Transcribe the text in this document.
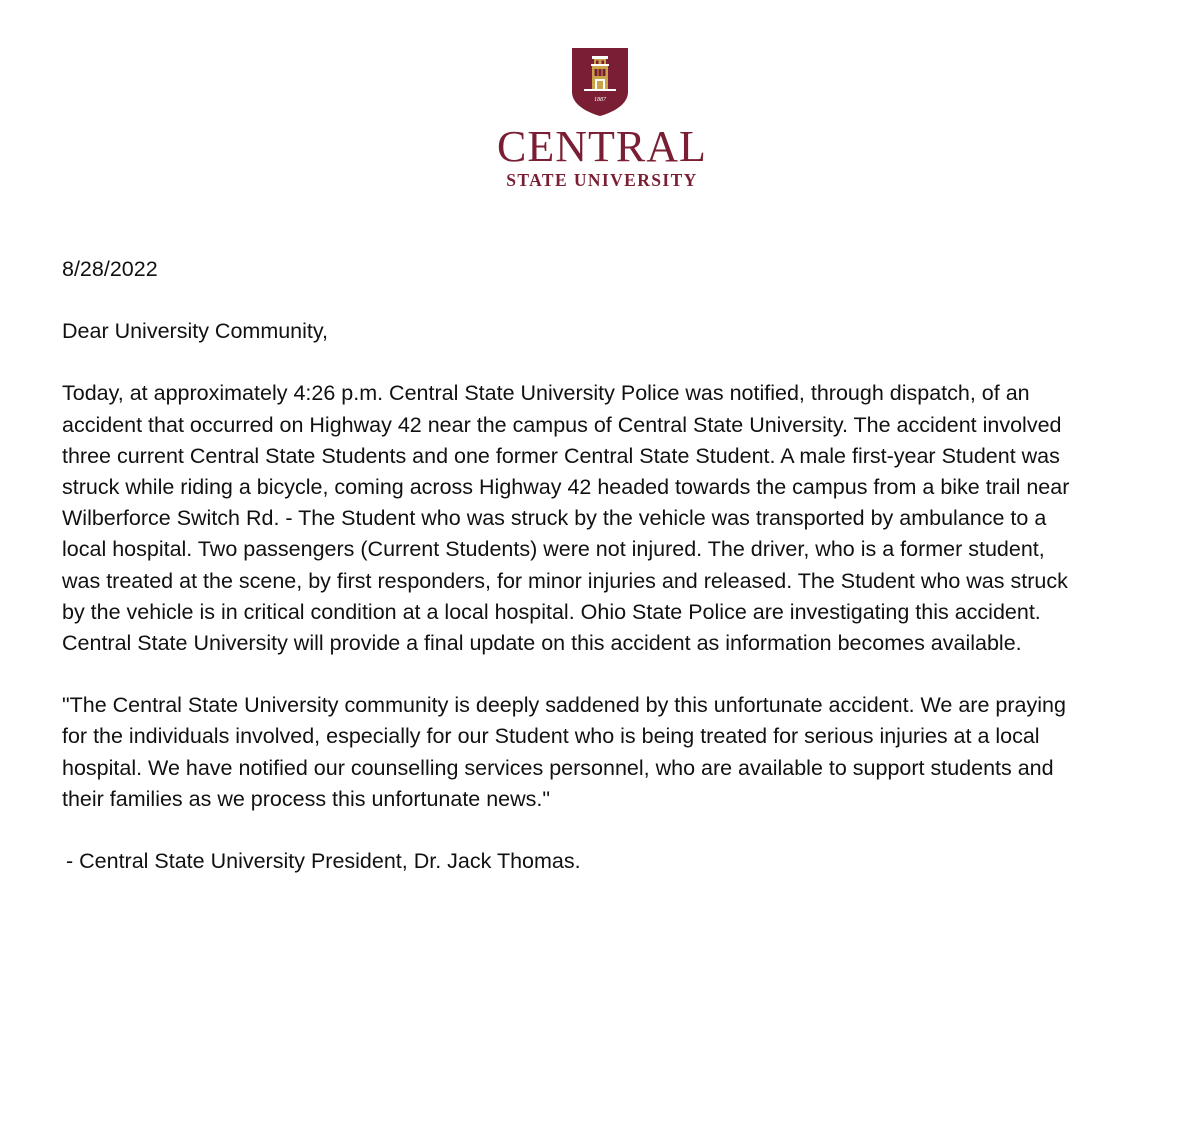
1887
CENTRAL
STATE UNIVERSITY

8/28/2022

Dear University Community,

Today, at approximately 4:26 p.m. Central State University Police was notified, through dispatch, of an accident that occurred on Highway 42 near the campus of Central State University. The accident involved three current Central State Students and one former Central State Student. A male first-year Student was struck while riding a bicycle, coming across Highway 42 headed towards the campus from a bike trail near Wilberforce Switch Rd. - The Student who was struck by the vehicle was transported by ambulance to a local hospital. Two passengers (Current Students) were not injured. The driver, who is a former student, was treated at the scene, by first responders, for minor injuries and released. The Student who was struck by the vehicle is in critical condition at a local hospital. Ohio State Police are investigating this accident. Central State University will provide a final update on this accident as information becomes available.

"The Central State University community is deeply saddened by this unfortunate accident. We are praying for the individuals involved, especially for our Student who is being treated for serious injuries at a local hospital. We have notified our counselling services personnel, who are available to support students and their families as we process this unfortunate news."

- Central State University President, Dr. Jack Thomas.
